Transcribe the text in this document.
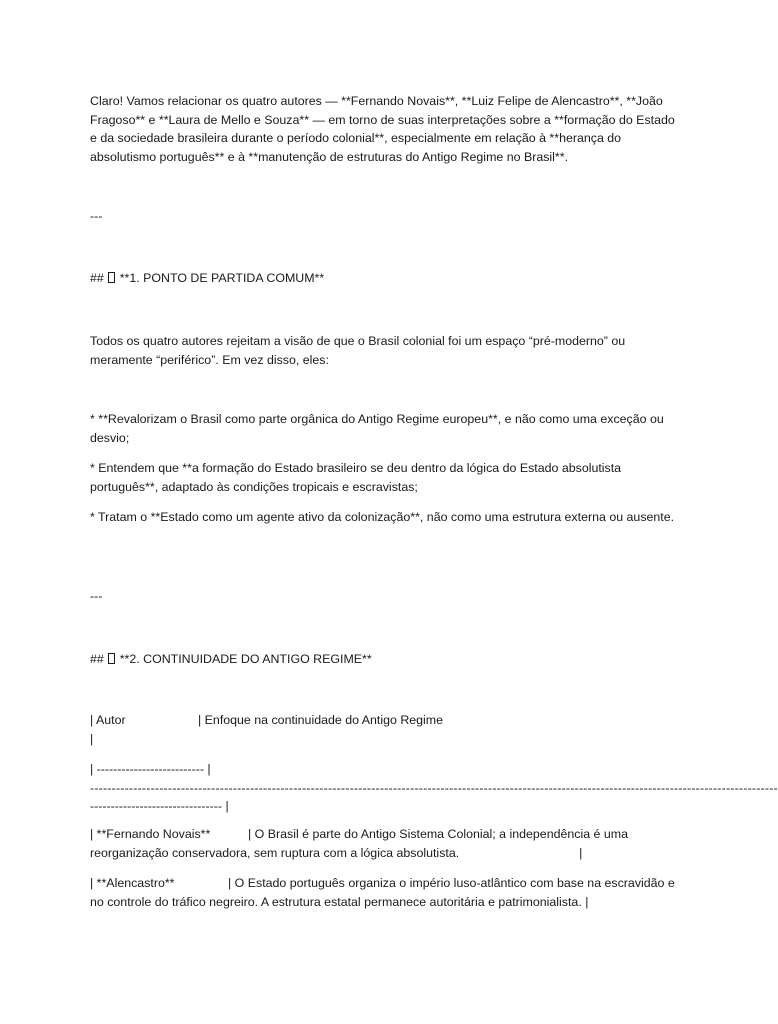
Claro! Vamos relacionar os quatro autores — **Fernando Novais**, **Luiz Felipe de Alencastro**, **João Fragoso** e **Laura de Mello e Souza** — em torno de suas interpretações sobre a **formação do Estado e da sociedade brasileira durante o período colonial**, especialmente em relação à **herança do absolutismo português** e à **manutenção de estruturas do Antigo Regime no Brasil**.

---

## **1. PONTO DE PARTIDA COMUM**

Todos os quatro autores rejeitam a visão de que o Brasil colonial foi um espaço “pré-moderno” ou meramente “periférico”. Em vez disso, eles:

* **Revalorizam o Brasil como parte orgânica do Antigo Regime europeu**, e não como uma exceção ou desvio;

* Entendem que **a formação do Estado brasileiro se deu dentro da lógica do Estado absolutista português**, adaptado às condições tropicais e escravistas;

* Tratam o **Estado como um agente ativo da colonização**, não como uma estrutura externa ou ausente.

---

## **2. CONTINUIDADE DO ANTIGO REGIME**

| Autor	| Enfoque na continuidade do Antigo Regime
|
| -------------------------- |
---------------------------------------------------------------------------------------------------------------------------------------------------------------
-------------------------------- |
| **Fernando Novais**	| O Brasil é parte do Antigo Sistema Colonial; a independência é uma reorganização conservadora, sem ruptura com a lógica absolutista.	|
| **Alencastro**	| O Estado português organiza o império luso-atlântico com base na escravidão e no controle do tráfico negreiro. A estrutura estatal permanece autoritária e patrimonialista. |
